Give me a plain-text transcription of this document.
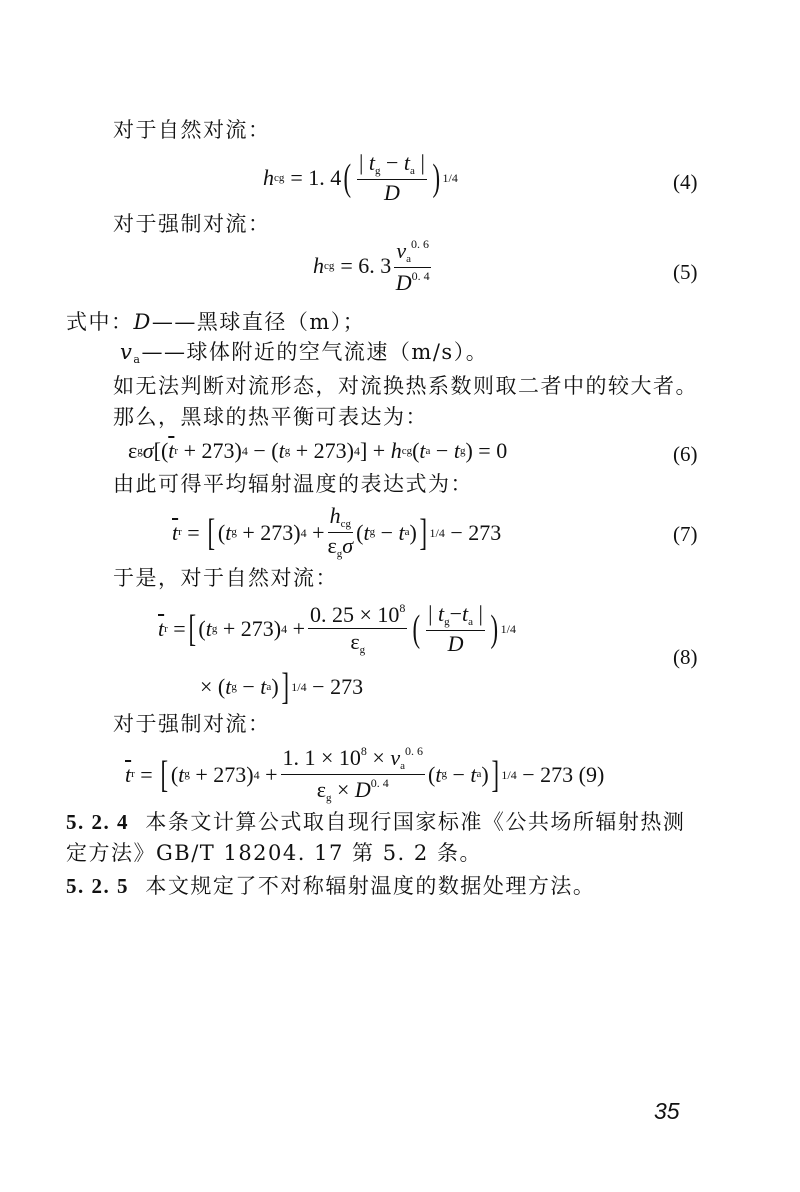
对于自然对流：
h cg = 1. 4 ( $\frac{| t_g - t_a |}{D}$ ) 1/4	(4)
对于强制对流：
h cg = 6. $3 \frac{v_a^{0. 6}}{D^{0. 4}}$	(5)
式中：D——黑球直径（m）；
$v_a——$球体附近的空气流速（m/s）。
如无法判断对流形态，对流换热系数则取二者中的较大者。
那么，黑球的热平衡可表达为：
ε g σ [ ( $\overline{t}$ r
+
273 ) 4
−
( t g
+
273 ) 4 ]
+
h cg ( t a
−
t g )
=
0	(6)
由此可得平均辐射温度的表达式为：
$\overline{t}$ r
=
[ ( t g
+
273 ) 4
+ $\frac{h_{cg}}{\varepsilon_g\sigma}$ ( t g
−
t a ) ] 1/4
−
273	(7)
于是，对于自然对流：
$\overline{t}$ r
= [ ( t g
+
273 ) 4
+ $\frac{0. 25 \times 10^8}{\varepsilon_g}$ ( $\frac{| t_g-t_a |}{D}$ ) 1/4
×
( t g
−
t a ) ] 1/4
−
273
(8)
对于强制对流：
$\overline{t}$ r
=
[ ( t g
+
273 ) 4
+ $\frac{1. 1 \times 10^8 \times v_a^{0. 6}}{\varepsilon_g \times D^{0. 4}}$ ( t g
−
t a ) ] 1/4
−
273
(9)
5. 2. 4 本条文计算公式取自现行国家标准《公共场所辐射热测
定方法》GB/T 18204. 17 第 5. 2 条。
5. 2. 5 本文规定了不对称辐射温度的数据处理方法。
35
